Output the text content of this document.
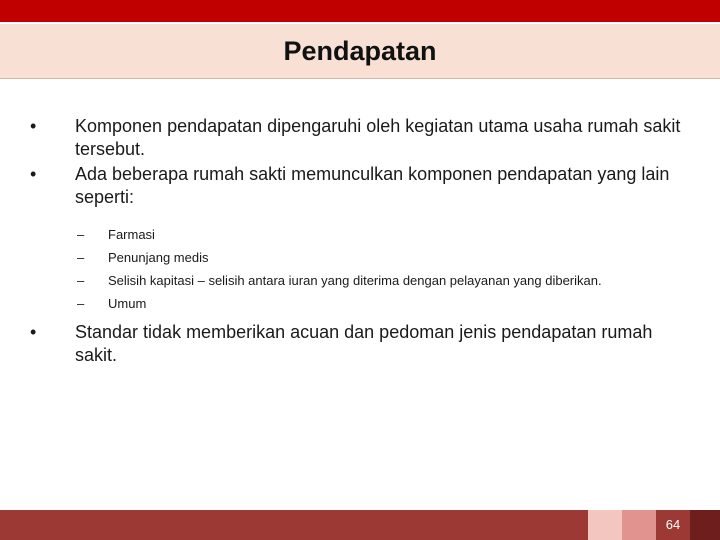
Pendapatan
•	Komponen pendapatan dipengaruhi oleh kegiatan utama usaha rumah sakit tersebut.
•	Ada beberapa rumah sakti memunculkan komponen pendapatan yang lain seperti:
– Farmasi
– Penunjang medis
– Selisih kapitasi – selisih antara iuran yang diterima dengan pelayanan yang diberikan.
– Umum
•	Standar tidak memberikan acuan dan pedoman jenis pendapatan rumah sakit.
64
